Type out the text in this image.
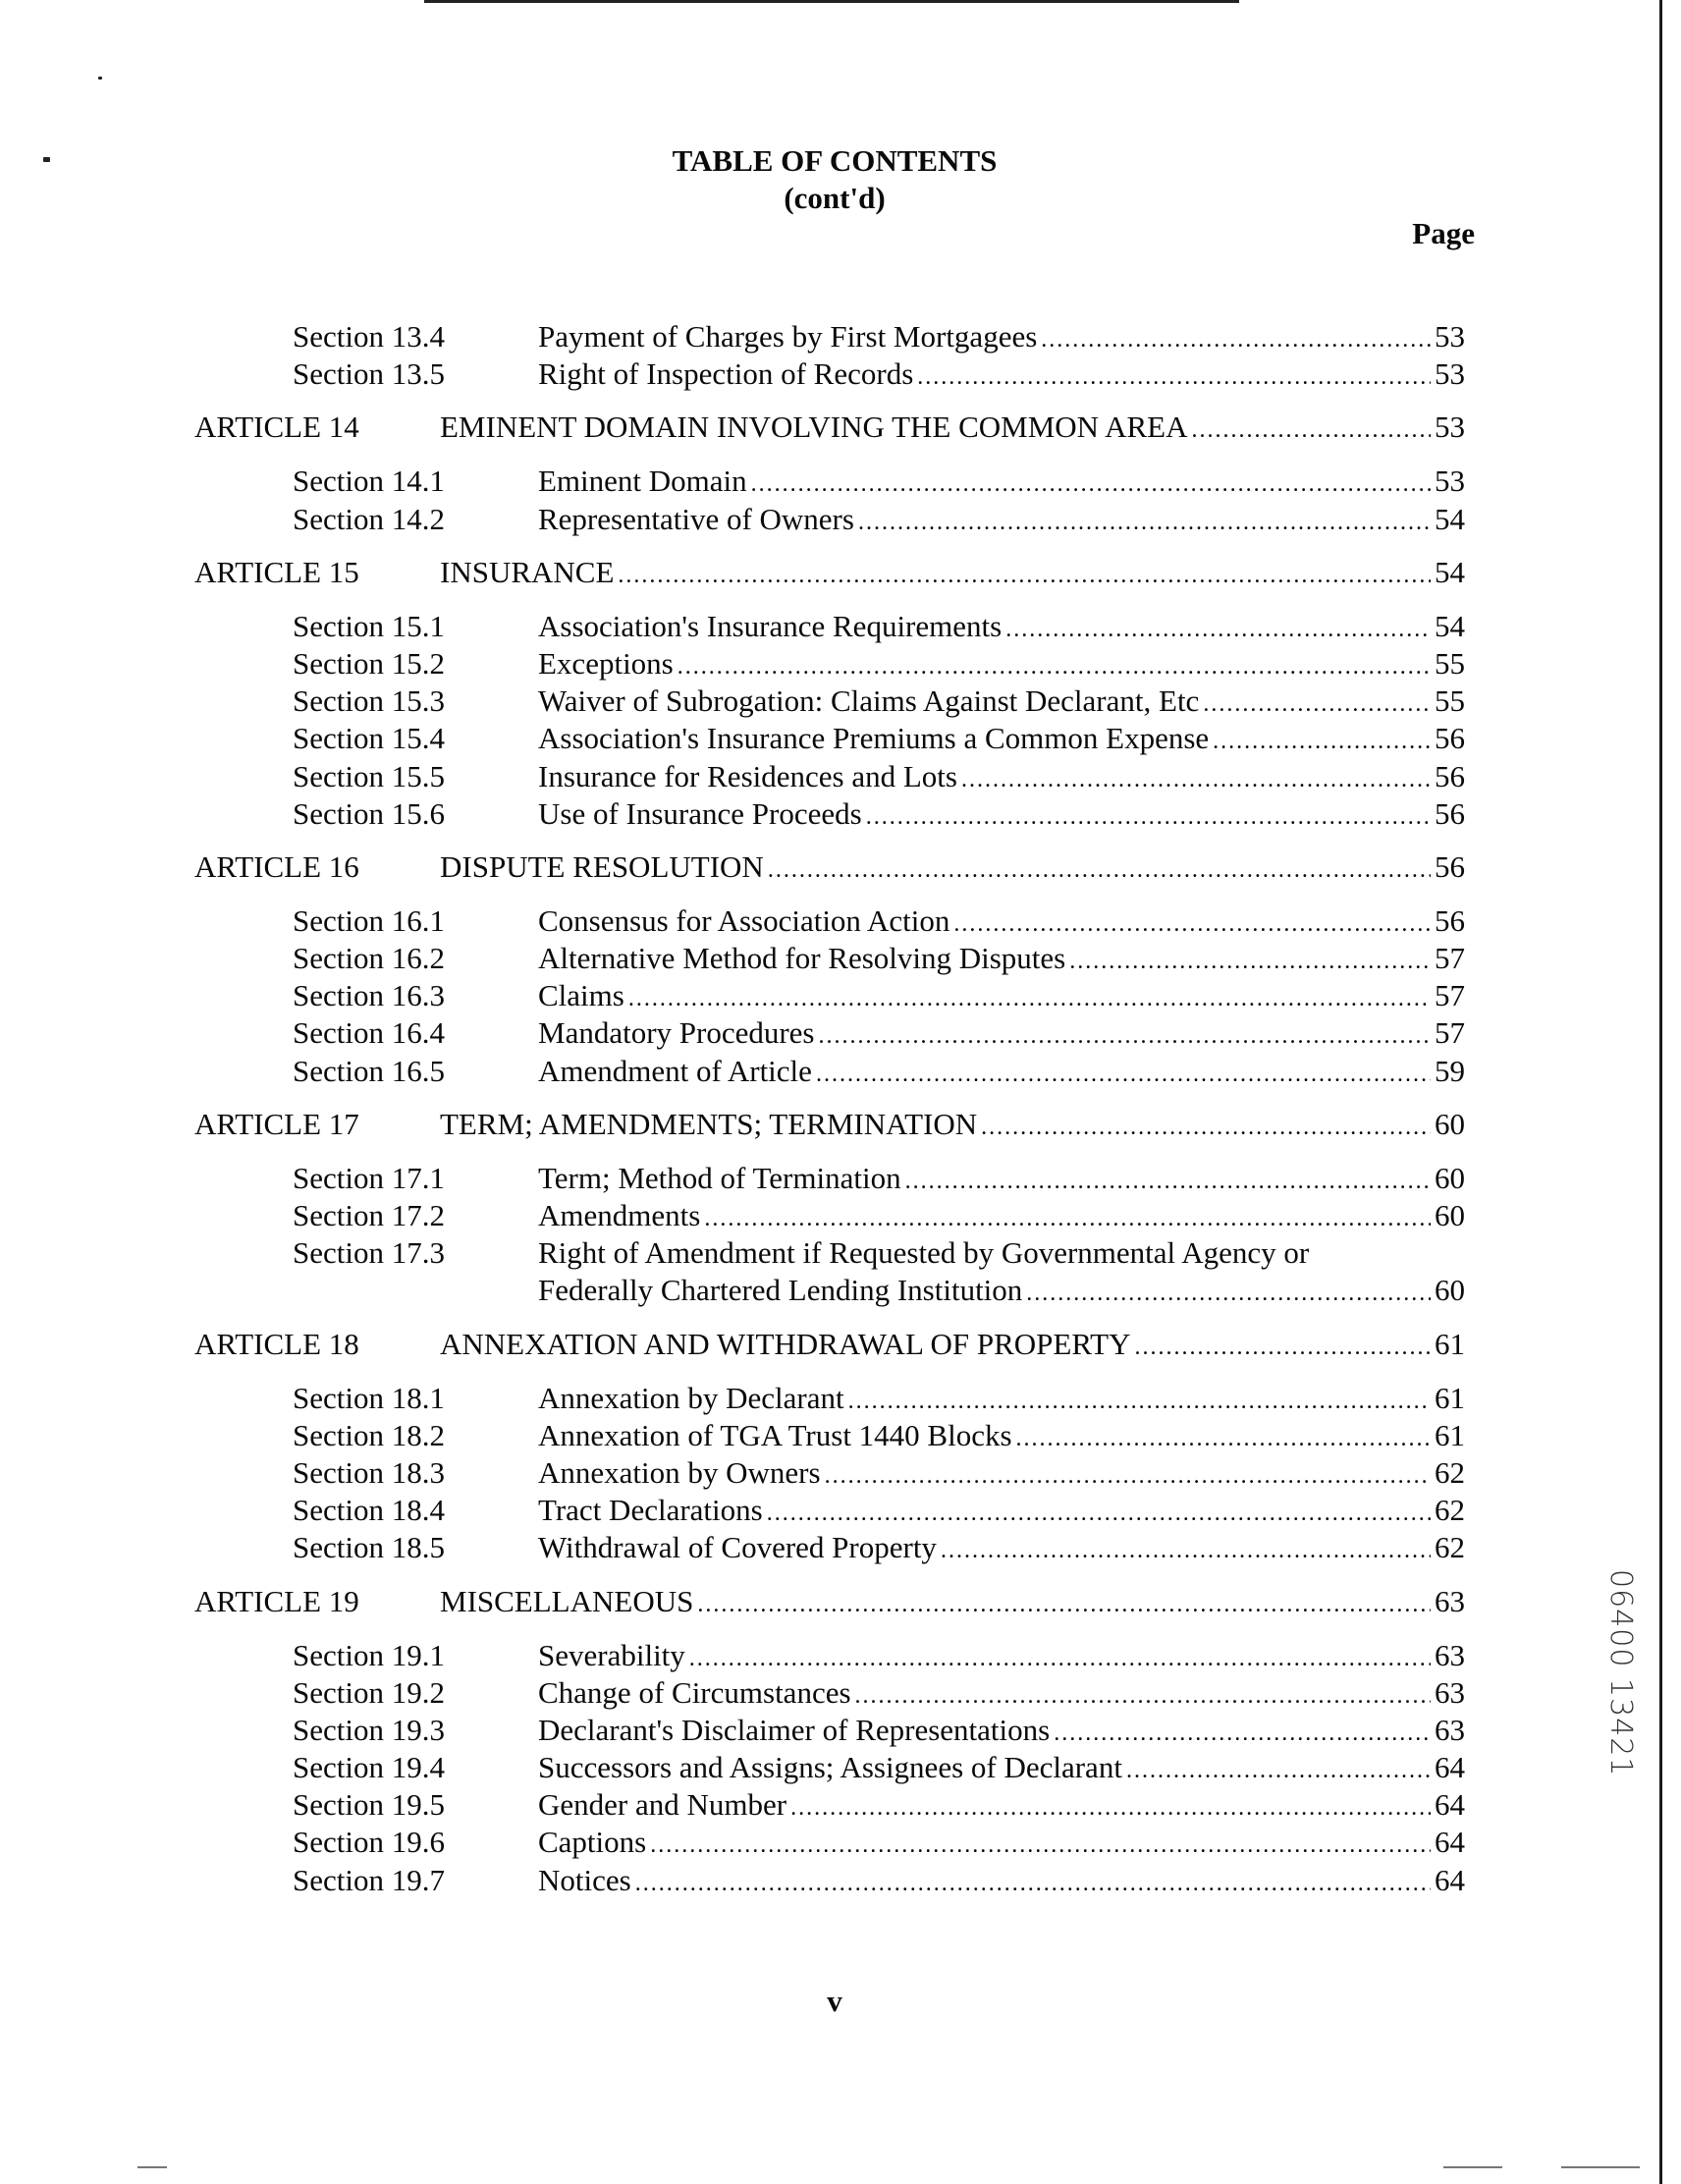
TABLE OF CONTENTS
(cont'd)
Page
Section 13.4	Payment of Charges by First Mortgagees .....	53
Section 13.5	Right of Inspection of Records .....	53
ARTICLE 14	EMINENT DOMAIN INVOLVING THE COMMON AREA .....	53
Section 14.1	Eminent Domain .....	53
Section 14.2	Representative of Owners .....	54
ARTICLE 15	INSURANCE .....	54
Section 15.1	Association's Insurance Requirements .....	54
Section 15.2	Exceptions .....	55
Section 15.3	Waiver of Subrogation: Claims Against Declarant, Etc .....	55
Section 15.4	Association's Insurance Premiums a Common Expense .....	56
Section 15.5	Insurance for Residences and Lots .....	56
Section 15.6	Use of Insurance Proceeds .....	56
ARTICLE 16	DISPUTE RESOLUTION .....	56
Section 16.1	Consensus for Association Action .....	56
Section 16.2	Alternative Method for Resolving Disputes .....	57
Section 16.3	Claims .....	57
Section 16.4	Mandatory Procedures .....	57
Section 16.5	Amendment of Article .....	59
ARTICLE 17	TERM; AMENDMENTS; TERMINATION .....	60
Section 17.1	Term; Method of Termination .....	60
Section 17.2	Amendments .....	60
Section 17.3	Right of Amendment if Requested by Governmental Agency or
Federally Chartered Lending Institution .....	60
ARTICLE 18	ANNEXATION AND WITHDRAWAL OF PROPERTY .....	61
Section 18.1	Annexation by Declarant .....	61
Section 18.2	Annexation of TGA Trust 1440 Blocks .....	61
Section 18.3	Annexation by Owners .....	62
Section 18.4	Tract Declarations .....	62
Section 18.5	Withdrawal of Covered Property .....	62
ARTICLE 19	MISCELLANEOUS .....	63
Section 19.1	Severability .....	63
Section 19.2	Change of Circumstances .....	63
Section 19.3	Declarant's Disclaimer of Representations .....	63
Section 19.4	Successors and Assigns; Assignees of Declarant .....	64
Section 19.5	Gender and Number .....	64
Section 19.6	Captions .....	64
Section 19.7	Notices .....	64
v
06400 13421
